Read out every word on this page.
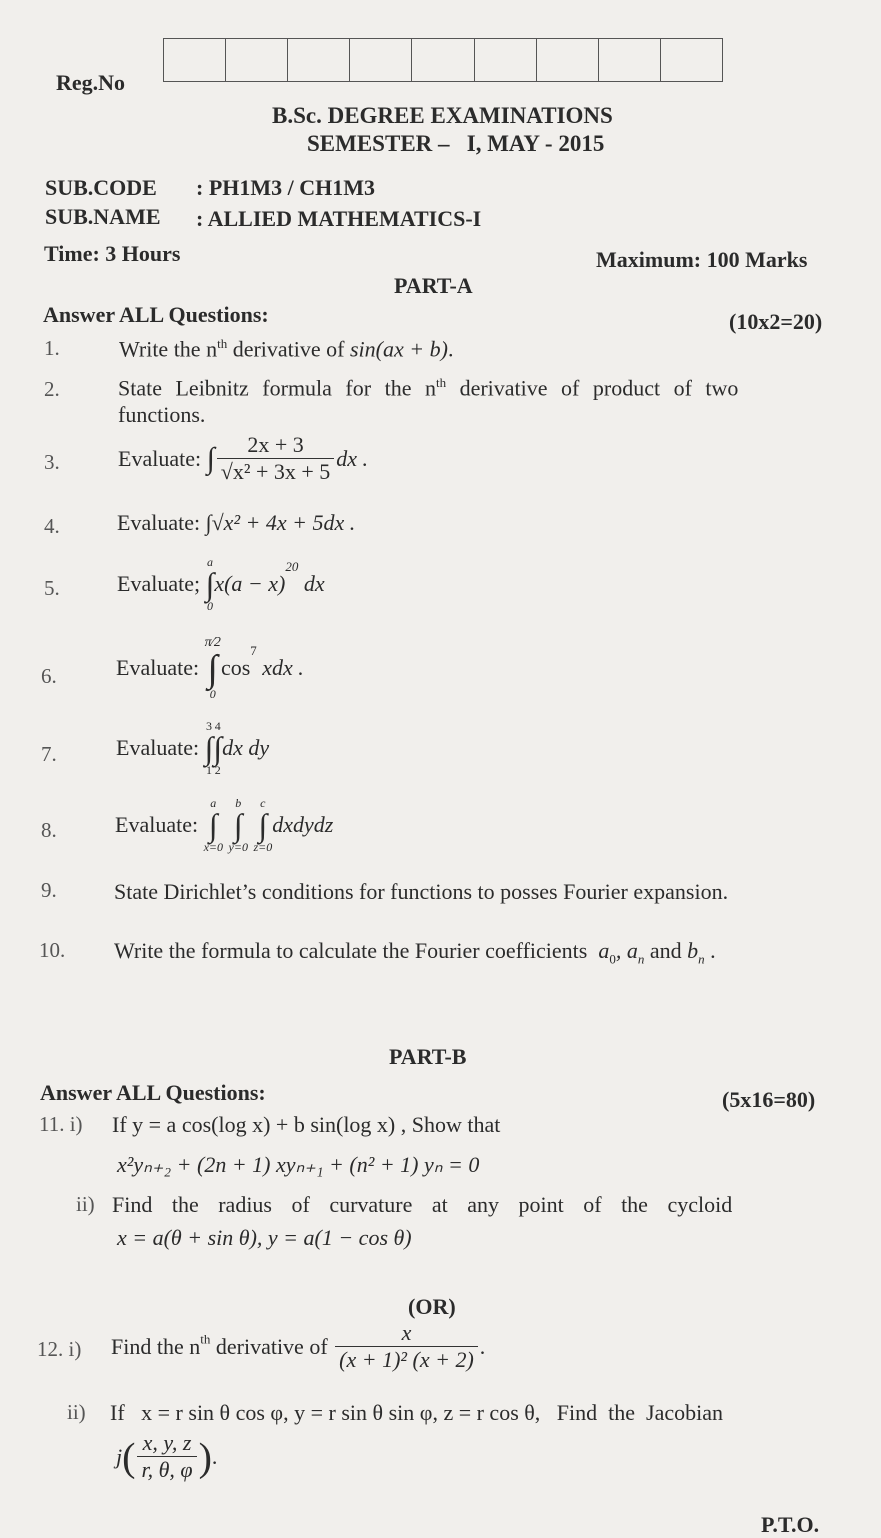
Reg.No
B.Sc. DEGREE EXAMINATIONS
SEMESTER –   I, MAY - 2015
SUB.CODE : PH1M3 / CH1M3
SUB.NAME : ALLIED MATHEMATICS-I
Time: 3 Hours	Maximum: 100 Marks
PART-A
Answer ALL Questions:	(10x2=20)
1.	Write the $n^{th}$ derivative of sin(ax + b).
2.	State Leibnitz formula for the $n^{th}$ derivative of product of two
functions.
3.	Evaluate: ∫ $\frac{2x + 3}{\text{√x² + 3x + 5}}$ dx .
4.	Evaluate: ∫√x² + 4x + 5dx .
5.	Evaluate; a
∫
$0x(a - x)^{20}$ dx
6.	Evaluate: π⁄2
∫
$0\cos^7$ xdx .
7.	Evaluate: 3
∫
14
∫
2dx dy
8.	Evaluate: a
∫
x=0 b
∫
y=0 c
∫
z=0dxdydz
9.	State Dirichlet’s conditions for functions to posses Fourier expansion.
10. Write the formula to calculate the Fourier coefficients $a_0$, $a_n$ and $b_n$ .
PART-B
Answer ALL Questions:	(5x16=80)
11. i) If y = a cos(log x) + b sin(log x) , Show that
x²yₙ₊₂ + (2n + 1) xyₙ₊₁ + (n² + 1) yₙ = 0
ii) Find the radius of curvature at any point of the cycloid
x = a(θ + sin θ), y = a(1 − cos θ)
(OR)
12. i) Find the $n^{th}$ derivative of $\frac{x}{\text{(x + 1)² (x + 2)}}$ .
ii) If   x = r sin θ cos φ, y = r sin θ sin φ, z = r cos θ,   Find  the  Jacobian
$j( \frac{x, y, z}{r, \theta, \varphi}$ ).
P.T.O.
